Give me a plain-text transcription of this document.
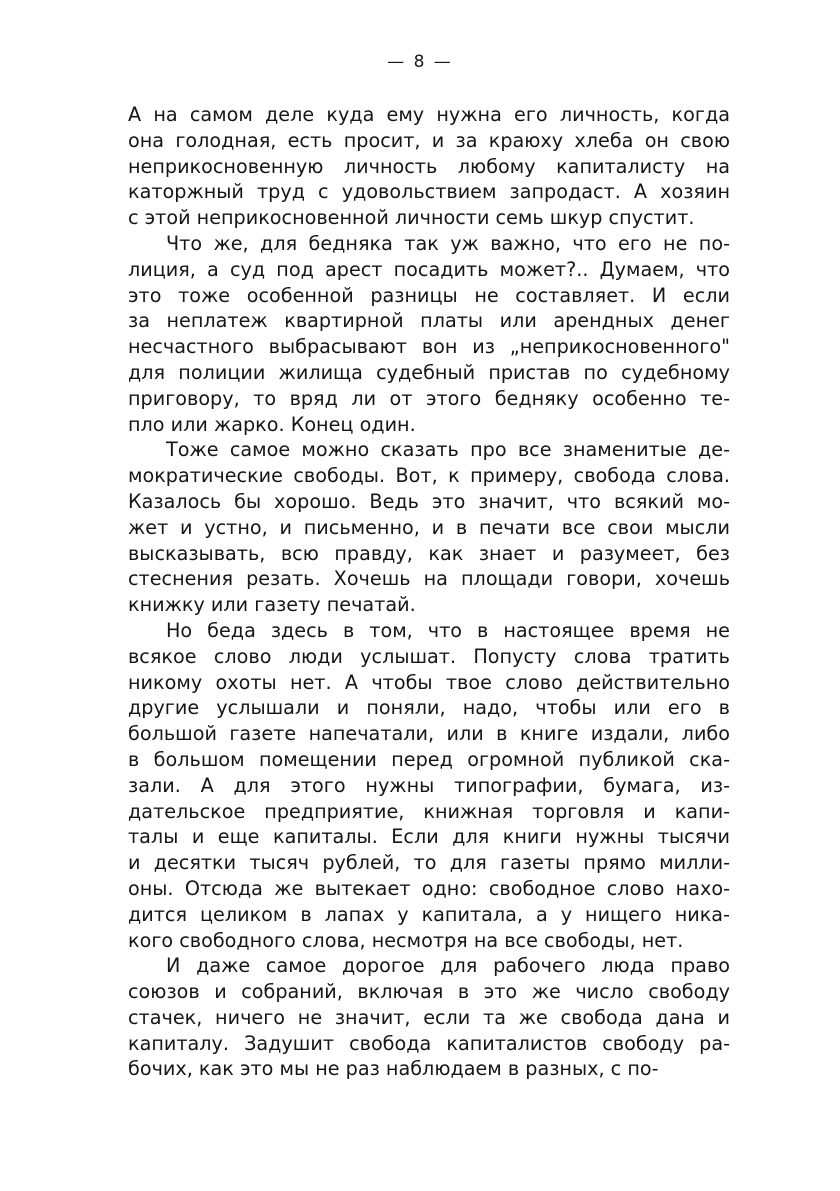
— 8 —
А на самом деле куда ему нужна его личность, когда
она голодная, есть просит, и за краюху хлеба он свою
неприкосновенную личность любому капиталисту на
каторжный труд с удовольствием запродаст. А хозяин
с этой неприкосновенной личности семь шкур спустит.
Что же, для бедняка так уж важно, что его не по-
лиция, а суд под арест посадить может?.. Думаем, что
это тоже особенной разницы не составляет. И если
за неплатеж квартирной платы или арендных денег
несчастного выбрасывают вон из „неприкосновенного"
для полиции жилища судебный пристав по судебному
приговору, то вряд ли от этого бедняку особенно те-
пло или жарко. Конец один.
Тоже самое можно сказать про все знаменитые де-
мократические свободы. Вот, к примеру, свобода слова.
Казалось бы хорошо. Ведь это значит, что всякий мо-
жет и устно, и письменно, и в печати все свои мысли
высказывать, всю правду, как знает и разумеет, без
стеснения резать. Хочешь на площади говори, хочешь
книжку или газету печатай.
Но беда здесь в том, что в настоящее время не
всякое слово люди услышат. Попусту слова тратить
никому охоты нет. А чтобы твое слово действительно
другие услышали и поняли, надо, чтобы или его в
большой газете напечатали, или в книге издали, либо
в большом помещении перед огромной публикой ска-
зали. А для этого нужны типографии, бумага, из-
дательское предприятие, книжная торговля и капи-
талы и еще капиталы. Если для книги нужны тысячи
и десятки тысяч рублей, то для газеты прямо милли-
оны. Отсюда же вытекает одно: свободное слово нахо-
дится целиком в лапах у капитала, а у нищего ника-
кого свободного слова, несмотря на все свободы, нет.
И даже самое дорогое для рабочего люда право
союзов и собраний, включая в это же число свободу
стачек, ничего не значит, если та же свобода дана и
капиталу. Задушит свобода капиталистов свободу ра-
бочих, как это мы не раз наблюдаем в разных, с по-
